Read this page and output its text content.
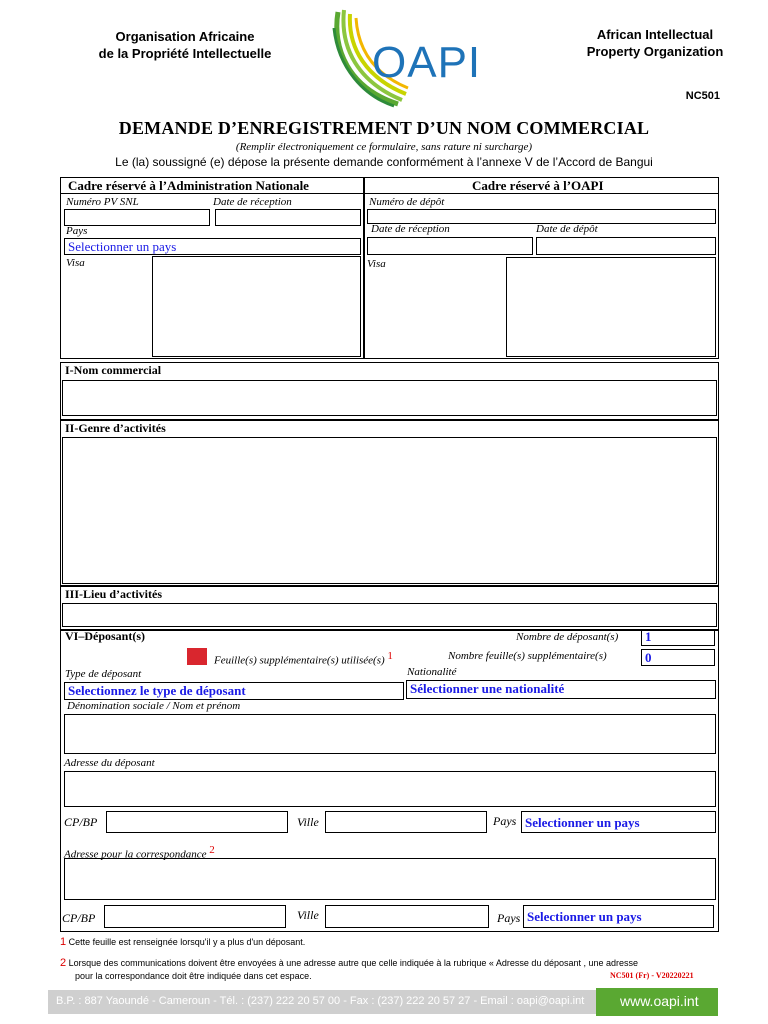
Organisation Africaine
de la Propriété Intellectuelle	OAPI
African Intellectual
Property Organization
NC501
DEMANDE D’ENREGISTREMENT D’UN NOM COMMERCIAL
(Remplir électroniquement ce formulaire, sans rature ni surcharge)
Le (la) soussigné (e) dépose la présente demande conformément à l’annexe V de l’Accord de Bangui
Cadre réservé à l’Administration Nationale	Cadre réservé à l’OAPI
Numéro PV SNL	Date de réception
Pays
Selectionner un pays
Visa
Numéro de dépôt
Date de réception	Date de dépôt
Visa
I-Nom commercial
II-Genre d’activités
III-Lieu d’activités
VI–Déposant(s)	Nombre de déposant(s) 1
Feuille(s) supplémentaire(s) utilisée(s) 1	Nombre feuille(s) supplémentaire(s)	0
Type de déposant	Nationalité
Selectionnez le type de déposant	Sélectionner une nationalité
Dénomination sociale / Nom et prénom
Adresse du déposant
CP/BP	Ville	Pays Selectionner un pays
Adresse pour la correspondance 2
CP/BP	Ville	Pays Selectionner un pays
1 Cette feuille est renseignée lorsqu'il y a plus d'un déposant.
2 Lorsque des communications doivent être envoyées à une adresse autre que celle indiquée à la rubrique « Adresse du déposant , une adresse
pour la correspondance doit être indiquée dans cet espace.	NC501 (Fr) - V20220221
B.P. : 887 Yaoundé - Cameroun - Tél. : (237) 222 20 57 00 - Fax : (237) 222 20 57 27 - Email : oapi@oapi.int	www.oapi.int
